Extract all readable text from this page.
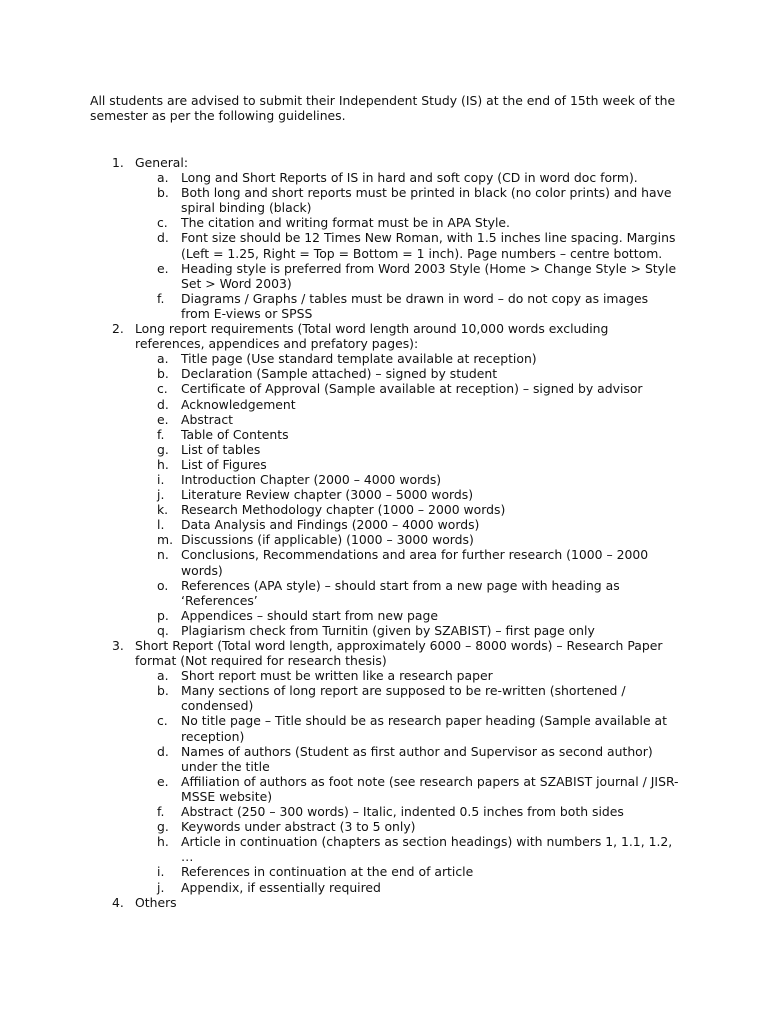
All students are advised to submit their Independent Study (IS) at the end of 15th week of the semester as per the following guidelines.

1. General:
a. Long and Short Reports of IS in hard and soft copy (CD in word doc form).
b. Both long and short reports must be printed in black (no color prints) and have spiral binding (black)
c. The citation and writing format must be in APA Style.
d. Font size should be 12 Times New Roman, with 1.5 inches line spacing. Margins (Left = 1.25, Right = Top = Bottom = 1 inch). Page numbers – centre bottom.
e. Heading style is preferred from Word 2003 Style (Home > Change Style > Style Set > Word 2003)
f. Diagrams / Graphs / tables must be drawn in word – do not copy as images from E-views or SPSS
2. Long report requirements (Total word length around 10,000 words excluding references, appendices and prefatory pages):
a. Title page (Use standard template available at reception)
b. Declaration (Sample attached) – signed by student
c. Certificate of Approval (Sample available at reception) – signed by advisor
d. Acknowledgement
e. Abstract
f. Table of Contents
g. List of tables
h. List of Figures
i. Introduction Chapter (2000 – 4000 words)
j. Literature Review chapter (3000 – 5000 words)
k. Research Methodology chapter (1000 – 2000 words)
l. Data Analysis and Findings (2000 – 4000 words)
m. Discussions (if applicable) (1000 – 3000 words)
n. Conclusions, Recommendations and area for further research (1000 – 2000 words)
o. References (APA style) – should start from a new page with heading as ‘References’
p. Appendices – should start from new page
q. Plagiarism check from Turnitin (given by SZABIST) – first page only
3. Short Report (Total word length, approximately 6000 – 8000 words) – Research Paper format (Not required for research thesis)
a. Short report must be written like a research paper
b. Many sections of long report are supposed to be re-written (shortened / condensed)
c. No title page – Title should be as research paper heading (Sample available at reception)
d. Names of authors (Student as first author and Supervisor as second author) under the title
e. Affiliation of authors as foot note (see research papers at SZABIST journal / JISR-MSSE website)
f. Abstract (250 – 300 words) – Italic, indented 0.5 inches from both sides
g. Keywords under abstract (3 to 5 only)
h. Article in continuation (chapters as section headings) with numbers 1, 1.1, 1.2, …
i. References in continuation at the end of article
j. Appendix, if essentially required
4. Others
